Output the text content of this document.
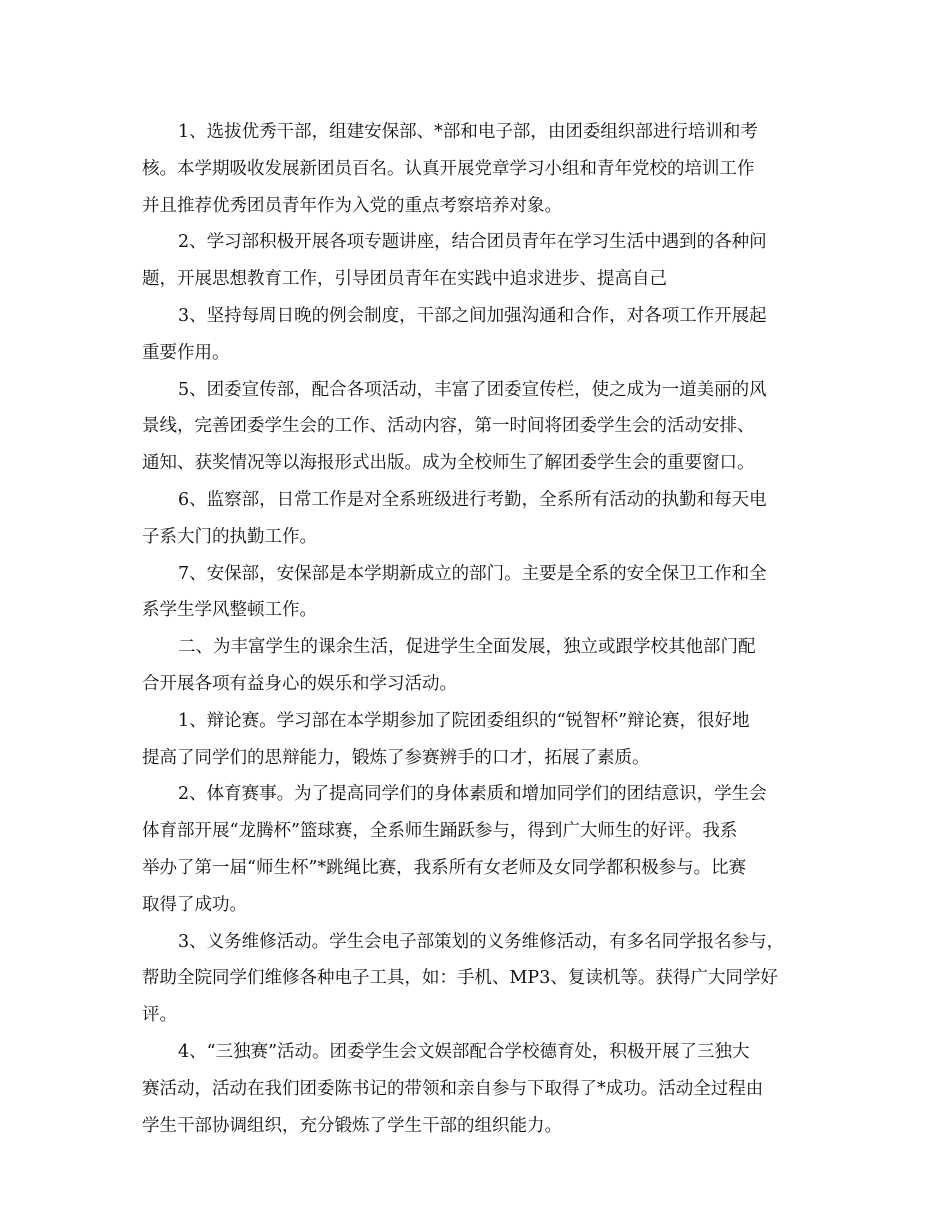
1、选拔优秀干部，组建安保部、*部和电子部，由团委组织部进行培训和考
核。本学期吸收发展新团员百名。认真开展党章学习小组和青年党校的培训工作
并且推荐优秀团员青年作为入党的重点考察培养对象。
2、学习部积极开展各项专题讲座，结合团员青年在学习生活中遇到的各种问
题，开展思想教育工作，引导团员青年在实践中追求进步、提高自己
3、坚持每周日晚的例会制度，干部之间加强沟通和合作，对各项工作开展起
重要作用。
5、团委宣传部，配合各项活动，丰富了团委宣传栏，使之成为一道美丽的风
景线，完善团委学生会的工作、活动内容，第一时间将团委学生会的活动安排、
通知、获奖情况等以海报形式出版。成为全校师生了解团委学生会的重要窗口。
6、监察部，日常工作是对全系班级进行考勤，全系所有活动的执勤和每天电
子系大门的执勤工作。
7、安保部，安保部是本学期新成立的部门。主要是全系的安全保卫工作和全
系学生学风整顿工作。
二、为丰富学生的课余生活，促进学生全面发展，独立或跟学校其他部门配
合开展各项有益身心的娱乐和学习活动。
1、辩论赛。学习部在本学期参加了院团委组织的“锐智杯”辩论赛，很好地
提高了同学们的思辩能力，锻炼了参赛辨手的口才，拓展了素质。
2、体育赛事。为了提高同学们的身体素质和增加同学们的团结意识，学生会
体育部开展“龙腾杯”篮球赛，全系师生踊跃参与，得到广大师生的好评。我系
举办了第一届“师生杯”*跳绳比赛，我系所有女老师及女同学都积极参与。比赛
取得了成功。
3、义务维修活动。学生会电子部策划的义务维修活动，有多名同学报名参与，
帮助全院同学们维修各种电子工具，如：手机、MP3、复读机等。获得广大同学好
评。
4、“三独赛”活动。团委学生会文娱部配合学校德育处，积极开展了三独大
赛活动，活动在我们团委陈书记的带领和亲自参与下取得了*成功。活动全过程由
学生干部协调组织，充分锻炼了学生干部的组织能力。
